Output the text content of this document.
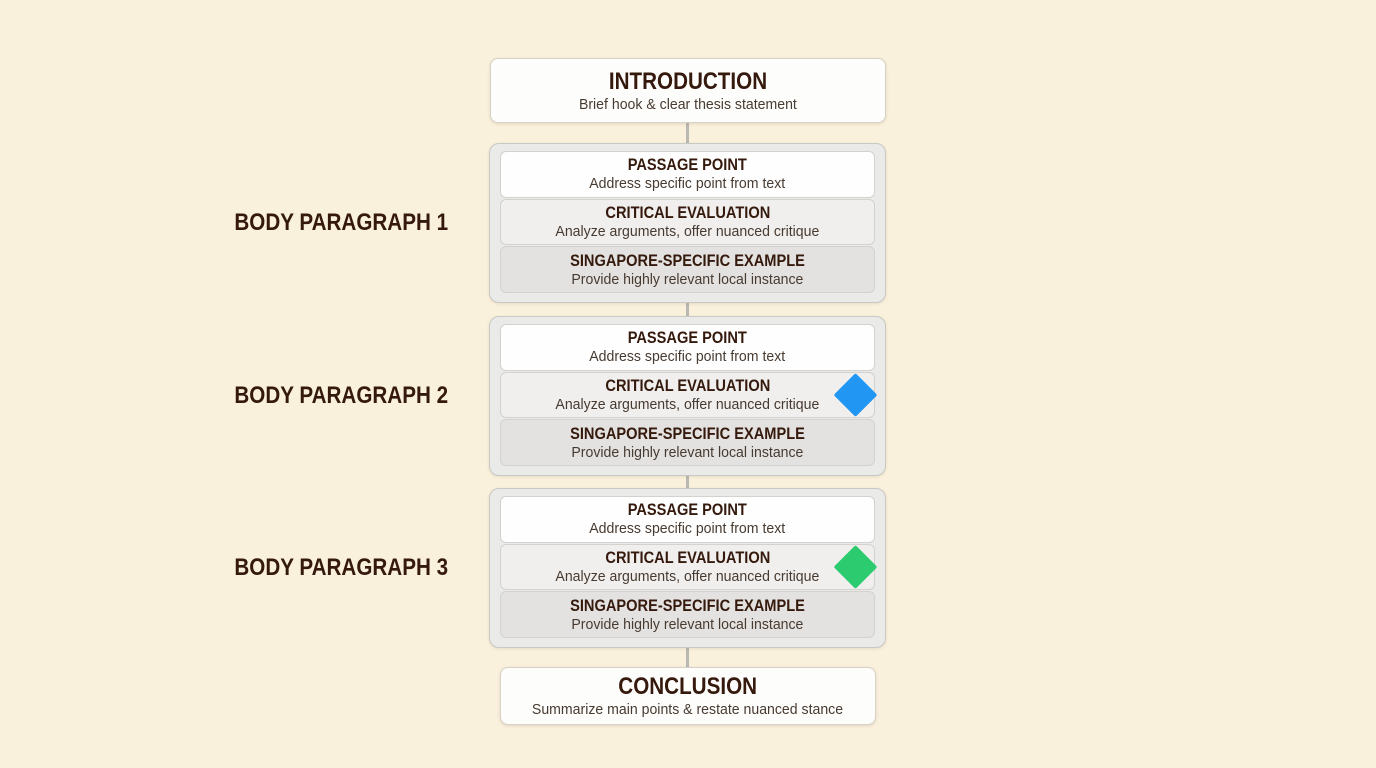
INTRODUCTION

Brief hook & clear thesis statement

BODY PARAGRAPH 1
BODY PARAGRAPH 2
BODY PARAGRAPH 3
PASSAGE POINT

Address specific point from text

CRITICAL EVALUATION

Analyze arguments, offer nuanced critique

SINGAPORE-SPECIFIC EXAMPLE

Provide highly relevant local instance

PASSAGE POINT

Address specific point from text

CRITICAL EVALUATION

Analyze arguments, offer nuanced critique

SINGAPORE-SPECIFIC EXAMPLE

Provide highly relevant local instance

PASSAGE POINT

Address specific point from text

CRITICAL EVALUATION

Analyze arguments, offer nuanced critique

SINGAPORE-SPECIFIC EXAMPLE

Provide highly relevant local instance

CONCLUSION

Summarize main points & restate nuanced stance
